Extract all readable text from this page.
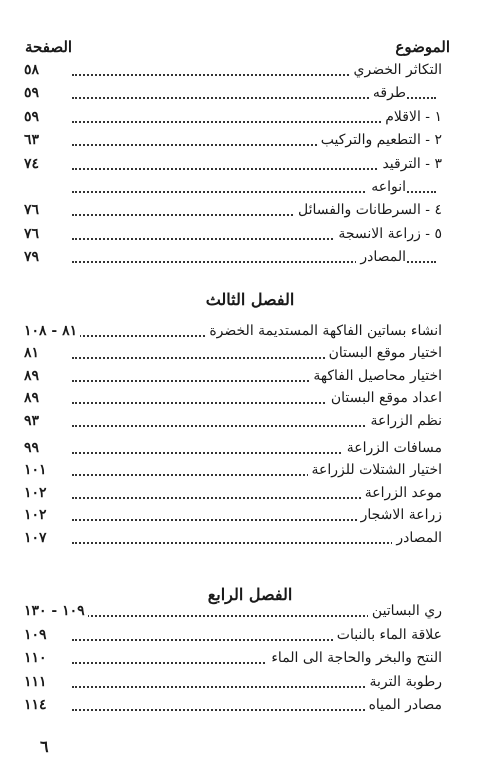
الموضوع
الصفحة
التكاثر الخضري
٥٨
طرقه
٥٩
١ - الاقلام
٥٩
٢ - التطعيم والتركيب
٦٣
٣ - الترقيد
٧٤
انواعه
٤ - السرطانات والفسائل
٧٦
٥ - زراعة الانسجة
٧٦
المصادر
٧٩
الفصل الثالث
انشاء بساتين الفاكهة المستديمة الخضرة
٨١ - ١٠٨
اختيار موقع البستان
٨١
اختيار محاصيل الفاكهة
٨٩
اعداد موقع البستان
٨٩
نظم الزراعة
٩٣
مسافات الزراعة
٩٩
اختيار الشتلات للزراعة
١٠١
موعد الزراعة
١٠٢
زراعة الاشجار
١٠٢
المصادر
١٠٧
الفصل الرابع
ري البساتين
١٠٩ - ١٣٠
علاقة الماء بالنبات
١٠٩
النتح والبخر والحاجة الى الماء
١١٠
رطوبة التربة
١١١
مصادر المياه
١١٤
٦
